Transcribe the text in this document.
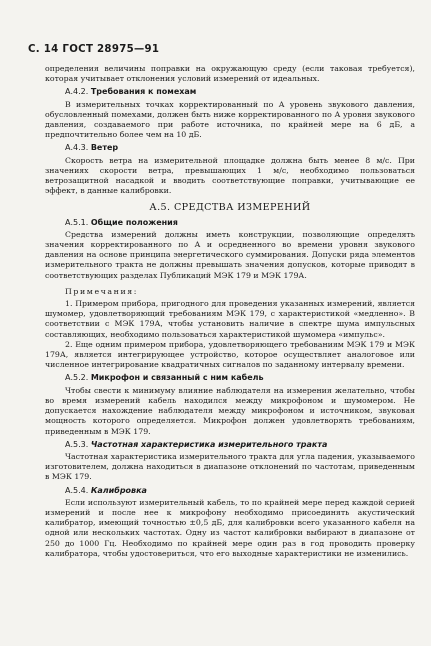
С. 14 ГОСТ 28975—91

определения величины поправки на окружающую среду (если таковая требуется), которая учитывает отклонения условий измерений от идеальных.

А.4.2. Требования к помехам

В измерительных точках корректированный по А уровень звукового давления, обусловленный помехами, должен быть ниже корректированного по А уровня звукового давления, создаваемого при работе источника, по крайней мере на 6 дБ, а предпочтительно более чем на 10 дБ.

А.4.3. Ветер

Скорость ветра на измерительной площадке должна быть менее 8 м/с. При значениях скорости ветра, превышающих 1 м/с, необходимо пользоваться ветрозащитной насадкой и вводить соответствующие поправки, учитывающие ее эффект, в данные калибровки.

А.5. СРЕДСТВА ИЗМЕРЕНИЙ
А.5.1. Общие положения

Средства измерений должны иметь конструкции, позволяющие определять значения корректированного по А и осредненного во времени уровня звукового давления на основе принципа энергетического суммирования. Допуски ряда элементов измерительного тракта не должны превышать значения допусков, которые приводят в соответствующих разделах Публикаций МЭК 179 и МЭК 179А.

Примечания:

1. Примером прибора, пригодного для проведения указанных измерений, является шумомер, удовлетворяющий требованиям МЭК 179, с характеристикой «медленно». В соответствии с МЭК 179А, чтобы установить наличие в спектре шума импульсных составляющих, необходимо пользоваться характеристикой шумомера «импульс».

2. Еще одним примером прибора, удовлетворяющего требованиям МЭК 179 и МЭК 179А, является интегрирующее устройство, которое осуществляет аналоговое или численное интегрирование квадратичных сигналов по заданному интервалу времени.

А.5.2. Микрофон и связанный с ним кабель

Чтобы свести к минимуму влияние наблюдателя на измерения желательно, чтобы во время измерений кабель находился между микрофоном и шумомером. Не допускается нахождение наблюдателя между микрофоном и источником, звуковая мощность которого определяется. Микрофон должен удовлетворять требованиям, приведенным в МЭК 179.

А.5.3. Частотная характеристика измерительного тракта

Частотная характеристика измерительного тракта для угла падения, указываемого изготовителем, должна находиться в диапазоне отклонений по частотам, приведенным в МЭК 179.

А.5.4. Калибровка

Если используют измерительный кабель, то по крайней мере перед каждой серией измерений и после нее к микрофону необходимо присоединять акустический калибратор, имеющий точностью ±0,5 дБ, для калибровки всего указанного кабеля на одной или нескольких частотах. Одну из частот калибровки выбирают в диапазоне от 250 до 1000 Гц. Необходимо по крайней мере один раз в год проводить проверку калибратора, чтобы удостовериться, что его выходные характеристики не изменились.
